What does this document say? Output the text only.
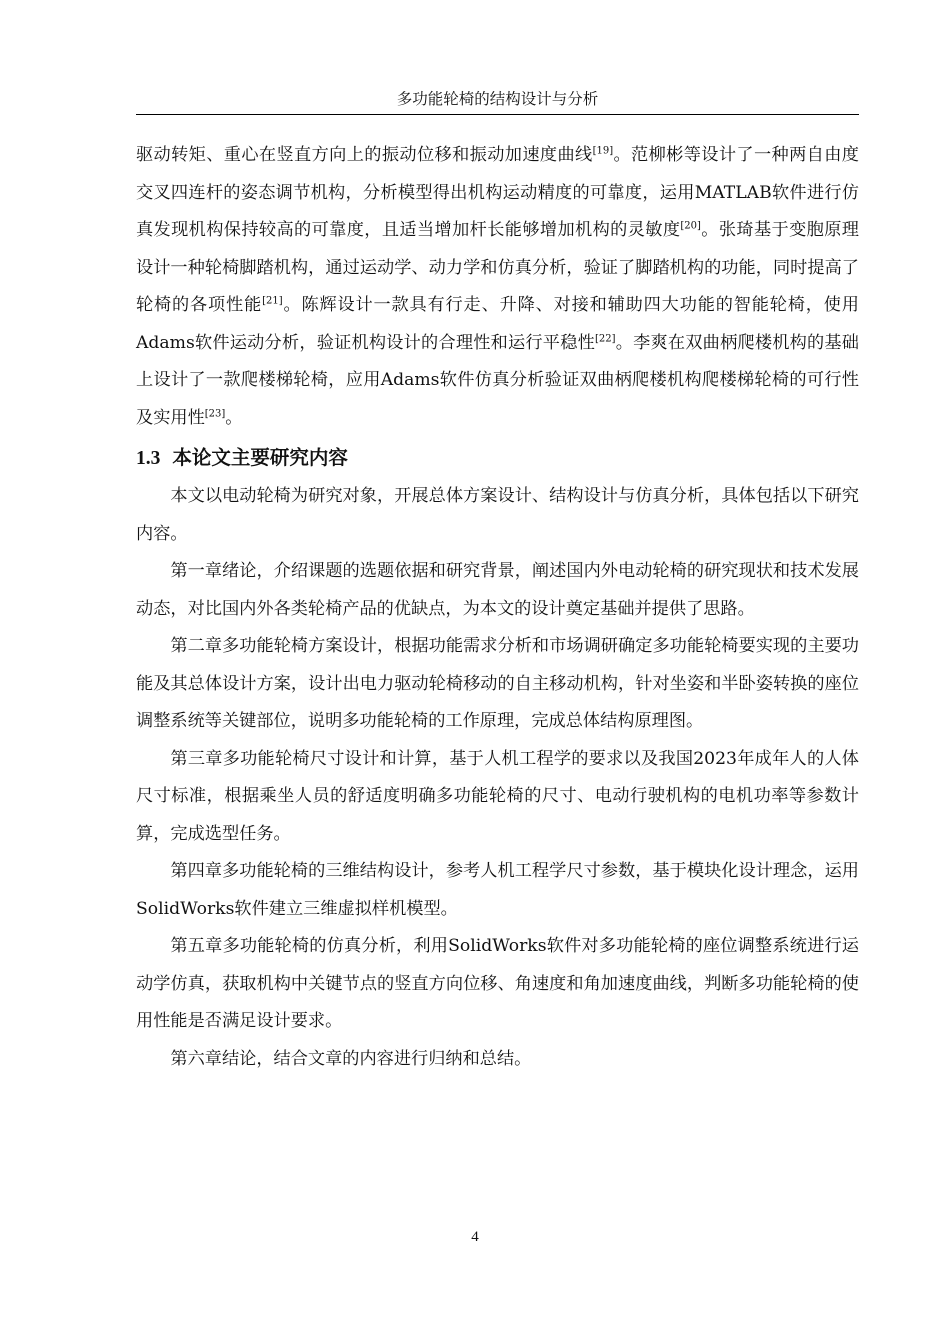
多功能轮椅的结构设计与分析

驱动转矩、重心在竖直方向上的振动位移和振动加速度曲线[19]。范柳彬等设计了一种两自由度交叉四连杆的姿态调节机构，分析模型得出机构运动精度的可靠度，运用MATLAB软件进行仿真发现机构保持较高的可靠度，且适当增加杆长能够增加机构的灵敏度[20]。张琦基于变胞原理设计一种轮椅脚踏机构，通过运动学、动力学和仿真分析，验证了脚踏机构的功能，同时提高了轮椅的各项性能[21]。陈辉设计一款具有行走、升降、对接和辅助四大功能的智能轮椅，使用Adams软件运动分析，验证机构设计的合理性和运行平稳性[22]。李爽在双曲柄爬楼机构的基础上设计了一款爬楼梯轮椅，应用Adams软件仿真分析验证双曲柄爬楼机构爬楼梯轮椅的可行性及实用性[23]。

1.3 本论文主要研究内容

本文以电动轮椅为研究对象，开展总体方案设计、结构设计与仿真分析，具体包括以下研究内容。

第一章绪论，介绍课题的选题依据和研究背景，阐述国内外电动轮椅的研究现状和技术发展动态，对比国内外各类轮椅产品的优缺点，为本文的设计奠定基础并提供了思路。

第二章多功能轮椅方案设计，根据功能需求分析和市场调研确定多功能轮椅要实现的主要功能及其总体设计方案，设计出电力驱动轮椅移动的自主移动机构，针对坐姿和半卧姿转换的座位调整系统等关键部位，说明多功能轮椅的工作原理，完成总体结构原理图。

第三章多功能轮椅尺寸设计和计算，基于人机工程学的要求以及我国2023年成年人的人体尺寸标准，根据乘坐人员的舒适度明确多功能轮椅的尺寸、电动行驶机构的电机功率等参数计算，完成选型任务。

第四章多功能轮椅的三维结构设计，参考人机工程学尺寸参数，基于模块化设计理念，运用SolidWorks软件建立三维虚拟样机模型。

第五章多功能轮椅的仿真分析，利用SolidWorks软件对多功能轮椅的座位调整系统进行运动学仿真，获取机构中关键节点的竖直方向位移、角速度和角加速度曲线，判断多功能轮椅的使用性能是否满足设计要求。

第六章结论，结合文章的内容进行归纳和总结。

4
